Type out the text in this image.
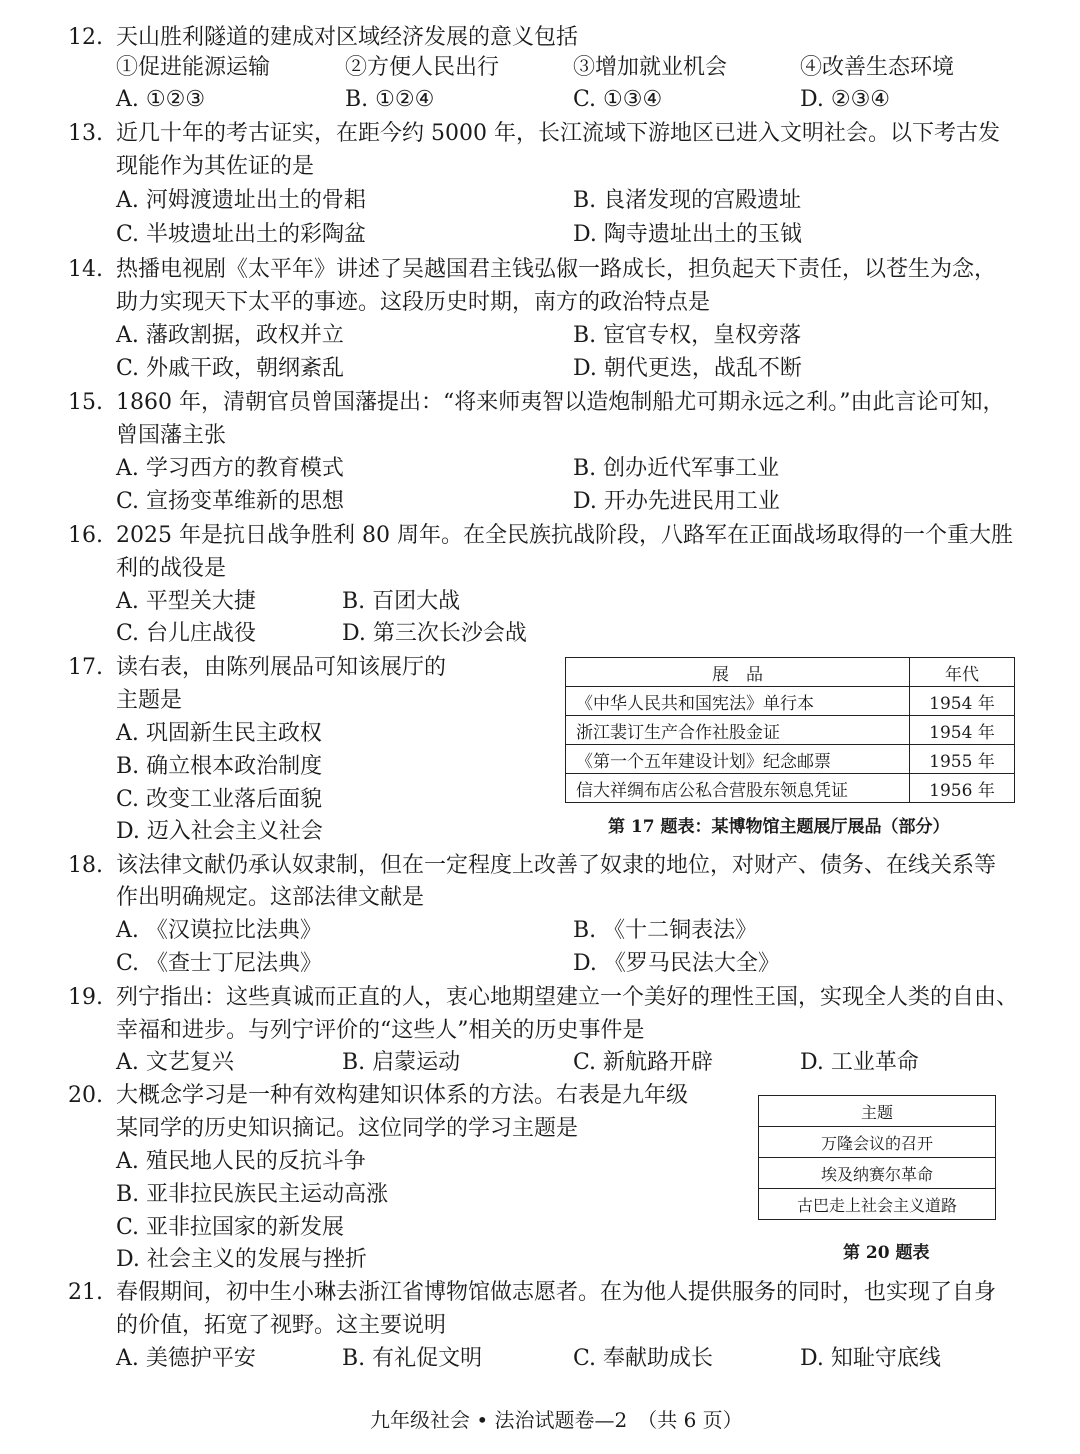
12. 天山胜利隧道的建成对区域经济发展的意义包括
①促进能源运输	②方便人民出行	③增加就业机会	④改善生态环境
A. ①②③	B. ①②④	C. ①③④	D. ②③④
13. 近几十年的考古证实，在距今约 5000 年，长江流域下游地区已进入文明社会。以下考古发
现能作为其佐证的是
A. 河姆渡遗址出土的骨耜	B. 良渚发现的宫殿遗址
C. 半坡遗址出土的彩陶盆	D. 陶寺遗址出土的玉钺
14. 热播电视剧《太平年》讲述了吴越国君主钱弘俶一路成长，担负起天下责任，以苍生为念，
助力实现天下太平的事迹。这段历史时期，南方的政治特点是
A. 藩政割据，政权并立	B. 宦官专权，皇权旁落
C. 外戚干政，朝纲紊乱	D. 朝代更迭，战乱不断
15. 1860 年，清朝官员曾国藩提出：“将来师夷智以造炮制船尤可期永远之利。”由此言论可知，
曾国藩主张
A. 学习西方的教育模式	B. 创办近代军事工业
C. 宣扬变革维新的思想	D. 开办先进民用工业
16. 2025 年是抗日战争胜利 80 周年。在全民族抗战阶段，八路军在正面战场取得的一个重大胜
利的战役是
A. 平型关大捷	B. 百团大战
C. 台儿庄战役	D. 第三次长沙会战
17. 读右表，由陈列展品可知该展厅的
主题是
A. 巩固新生民主政权
B. 确立根本政治制度
C. 改变工业落后面貌
D. 迈入社会主义社会
展　品	年代
《中华人民共和国宪法》单行本	1954 年
浙江裴订生产合作社股金证	1954 年
《第一个五年建设计划》纪念邮票	1955 年
信大祥绸布店公私合营股东领息凭证	1956 年
第 17 题表：某博物馆主题展厅展品（部分）
18. 该法律文献仍承认奴隶制，但在一定程度上改善了奴隶的地位，对财产、债务、在线关系等
作出明确规定。这部法律文献是
A. 《汉谟拉比法典》	B. 《十二铜表法》
C. 《查士丁尼法典》	D. 《罗马民法大全》
19. 列宁指出：这些真诚而正直的人，衷心地期望建立一个美好的理性王国，实现全人类的自由、
幸福和进步。与列宁评价的“这些人”相关的历史事件是
A. 文艺复兴	B. 启蒙运动	C. 新航路开辟	D. 工业革命
20. 大概念学习是一种有效构建知识体系的方法。右表是九年级
某同学的历史知识摘记。这位同学的学习主题是
A. 殖民地人民的反抗斗争
B. 亚非拉民族民主运动高涨
C. 亚非拉国家的新发展
D. 社会主义的发展与挫折
主题
万隆会议的召开
埃及纳赛尔革命
古巴走上社会主义道路
第 20 题表
21. 春假期间，初中生小琳去浙江省博物馆做志愿者。在为他人提供服务的同时，也实现了自身
的价值，拓宽了视野。这主要说明
A. 美德护平安	B. 有礼促文明	C. 奉献助成长	D. 知耻守底线
九年级社会 • 法治试题卷—2　（共 6 页）
